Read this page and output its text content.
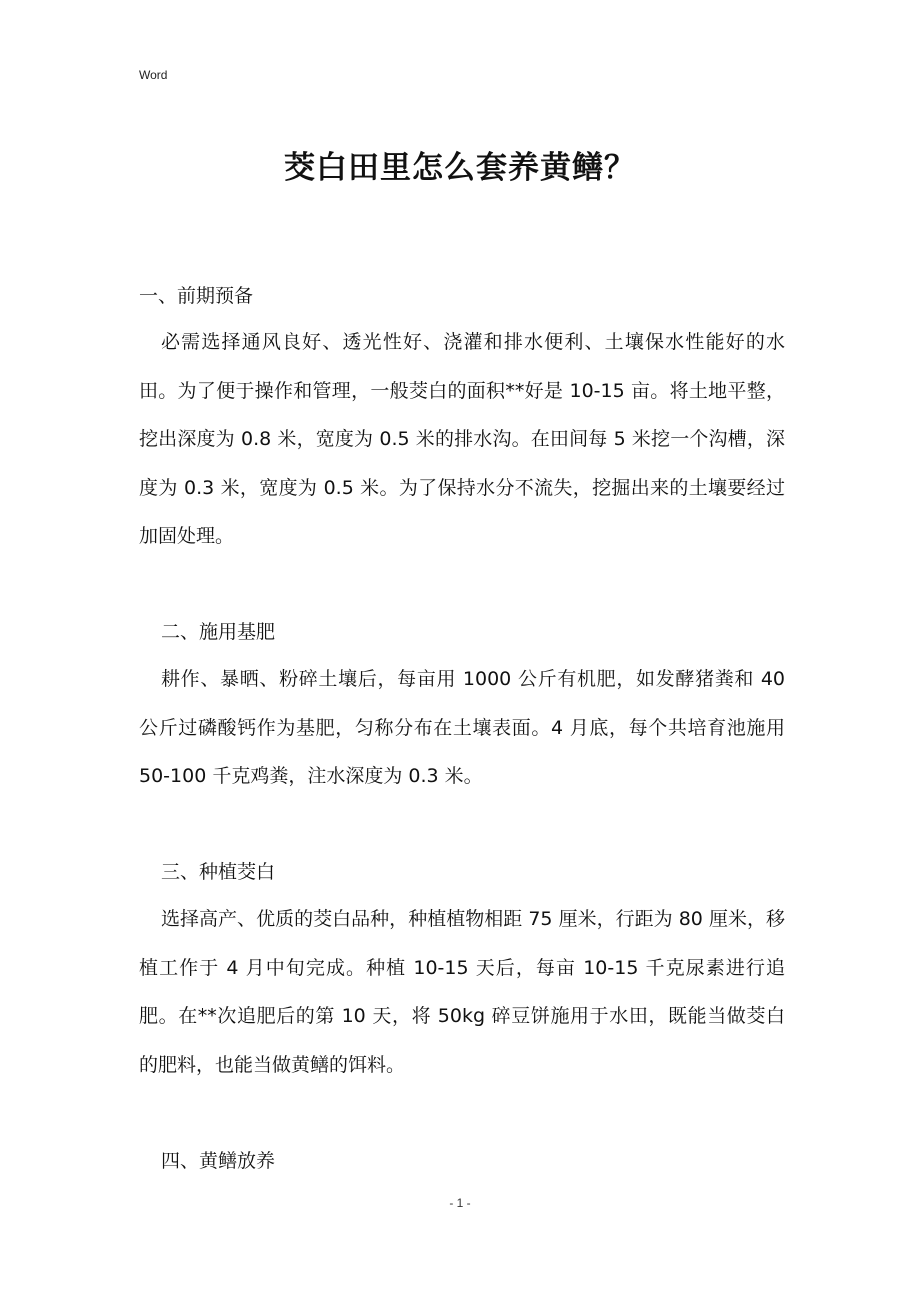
Word
茭白田里怎么套养黄鳝？
一、前期预备
必需选择通风良好、透光性好、浇灌和排水便利、土壤保水性能好的水田。为了便于操作和管理，一般茭白的面积**好是 10-15 亩。将土地平整，挖出深度为 0.8 米，宽度为 0.5 米的排水沟。在田间每 5 米挖一个沟槽，深度为 0.3 米，宽度为 0.5 米。为了保持水分不流失，挖掘出来的土壤要经过加固处理。
二、施用基肥
耕作、暴晒、粉碎土壤后，每亩用 1000 公斤有机肥，如发酵猪粪和 40 公斤过磷酸钙作为基肥，匀称分布在土壤表面。4 月底，每个共培育池施用 50-100 千克鸡粪，注水深度为 0.3 米。
三、种植茭白
选择高产、优质的茭白品种，种植植物相距 75 厘米，行距为 80 厘米，移植工作于 4 月中旬完成。种植 10-15 天后，每亩 10-15 千克尿素进行追肥。在**次追肥后的第 10 天，将 50kg 碎豆饼施用于水田，既能当做茭白的肥料，也能当做黄鳝的饵料。
四、黄鳝放养
- 1 -
